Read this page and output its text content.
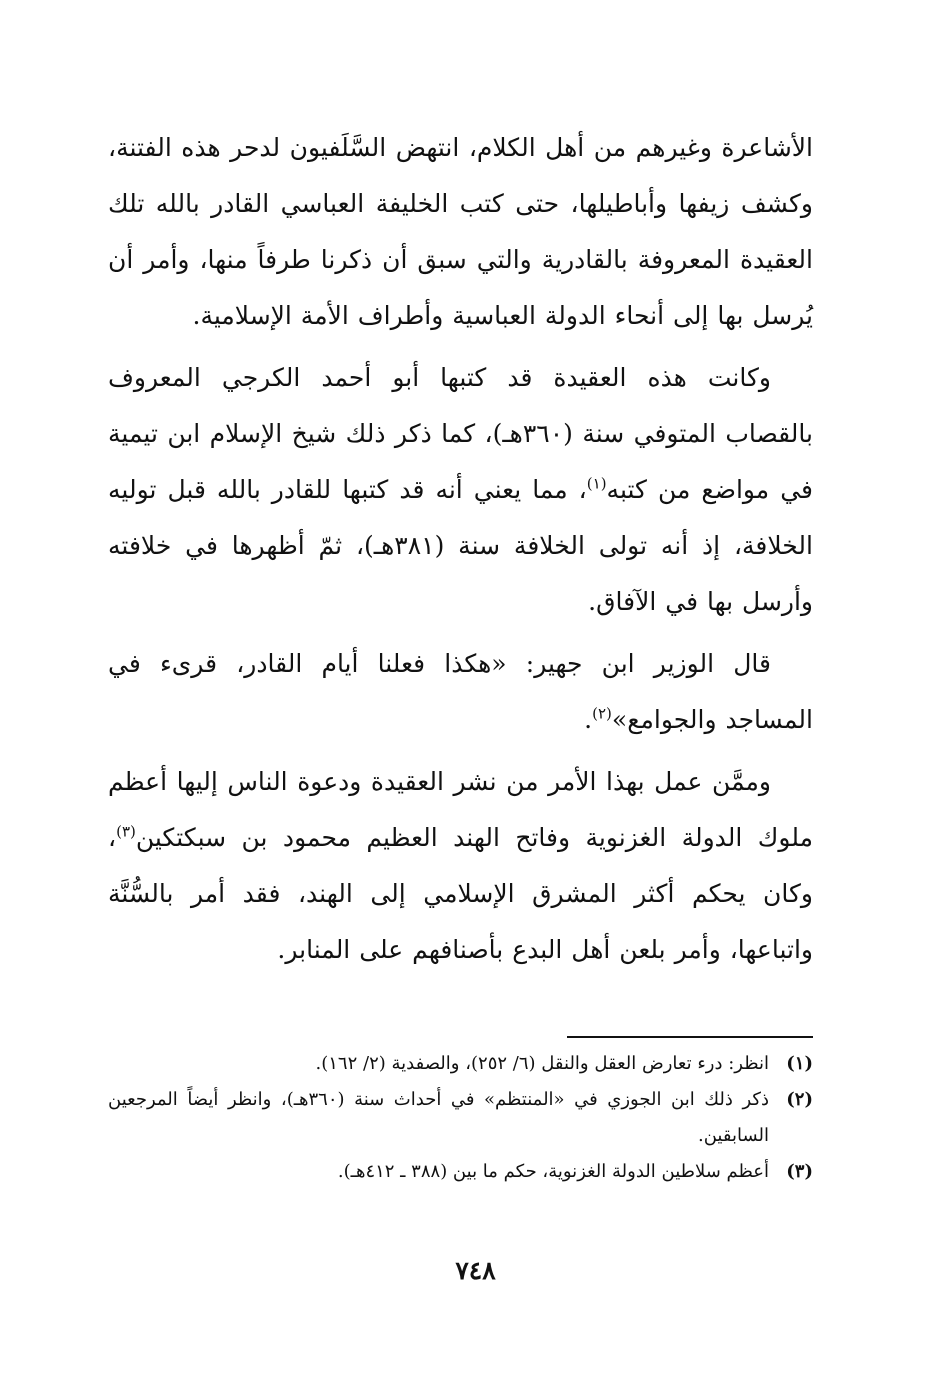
الأشاعرة وغيرهم من أهل الكلام، انتهض السَّلَفيون لدحر هذه الفتنة، وكشف زيفها وأباطيلها، حتى كتب الخليفة العباسي القادر بالله تلك العقيدة المعروفة بالقادرية والتي سبق أن ذكرنا طرفاً منها، وأمر أن يُرسل بها إلى أنحاء الدولة العباسية وأطراف الأمة الإسلامية.

وكانت هذه العقيدة قد كتبها أبو أحمد الكرجي المعروف بالقصاب المتوفي سنة (٣٦٠هـ)، كما ذكر ذلك شيخ الإسلام ابن تيمية في مواضع من كتبه$^{(١)}$، مما يعني أنه قد كتبها للقادر بالله قبل توليه الخلافة، إذ أنه تولى الخلافة سنة (٣٨١هـ)، ثمّ أظهرها في خلافته وأرسل بها في الآفاق.

قال الوزير ابن جهير: «هكذا فعلنا أيام القادر، قرىء في المساجد والجوامع»$^{(٢)}$.

وممَّن عمل بهذا الأمر من نشر العقيدة ودعوة الناس إليها أعظم ملوك الدولة الغزنوية وفاتح الهند العظيم محمود بن سبكتكين$^{(٣)}$، وكان يحكم أكثر المشرق الإسلامي إلى الهند، فقد أمر بالسُّنَّة واتباعها، وأمر بلعن أهل البدع بأصنافهم على المنابر.

(١)
انظر: درء تعارض العقل والنقل (٦/ ٢٥٢)، والصفدية (٢/ ١٦٢).
(٢)
ذكر ذلك ابن الجوزي في «المنتظم» في أحداث سنة (٣٦٠هـ)، وانظر أيضاً المرجعين السابقين.
(٣)
أعظم سلاطين الدولة الغزنوية، حكم ما بين (٣٨٨ ـ ٤١٢هـ).
٧٤٨
